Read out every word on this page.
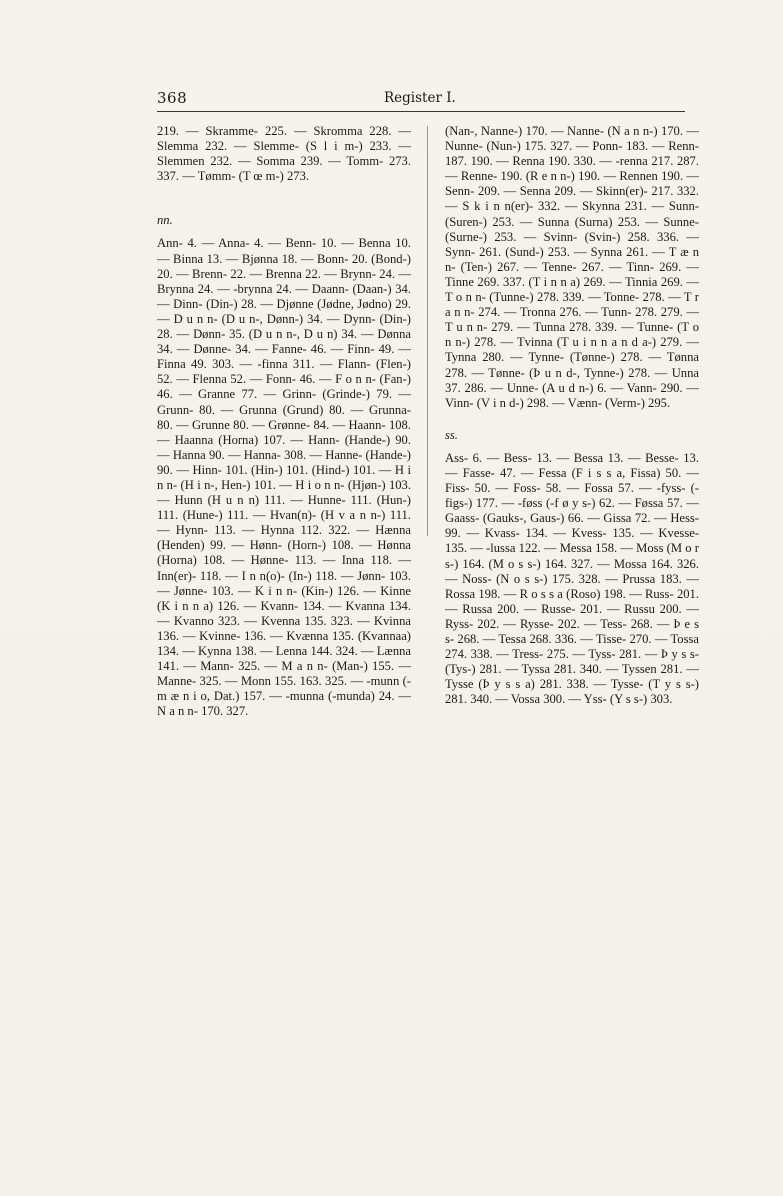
368	Register I.

219. — Skramme- 225. — Skromma 228. — Slemma 232. — Slemme- (S l i m-) 233. — Slemmen 232. — Somma 239. — Tomm- 273. 337. — Tømm- (T œ m-) 273.

nn.

Ann- 4. — Anna- 4. — Benn- 10. — Benna 10. — Binna 13. — Bjønna 18. — Bonn- 20. (Bond-) 20. — Brenn- 22. — Brenna 22. — Brynn- 24. — Brynna 24. — -brynna 24. — Daann- (Daan-) 34. — Dinn- (Din-) 28. — Djønne (Jødne, Jødno) 29. — D u n n- (D u n-, Dønn-) 34. — Dynn- (Din-) 28. — Dønn- 35. (D u n n-, D u n) 34. — Dønna 34. — Dønne- 34. — Fanne- 46. — Finn- 49. — Finna 49. 303. — -finna 311. — Flann- (Flen-) 52. — Flenna 52. — Fonn- 46. — F o n n- (Fan-) 46. — Granne 77. — Grinn- (Grinde-) 79. — Grunn- 80. — Grunna (Grund) 80. — Grunna- 80. — Grunne 80. — Grønne- 84. — Haann- 108. — Haanna (Horna) 107. — Hann- (Hande-) 90. — Hanna 90. — Hanna- 308. — Hanne- (Hande-) 90. — Hinn- 101. (Hin-) 101. (Hind-) 101. — H i n n- (H i n-, Hen-) 101. — H i o n n- (Hjøn-) 103. — Hunn (H u n n) 111. — Hunne- 111. (Hun-) 111. (Hune-) 111. — Hvan(n)- (H v a n n-) 111. — Hynn- 113. — Hynna 112. 322. — Hænna (Henden) 99. — Hønn- (Horn-) 108. — Hønna (Horna) 108. — Hønne- 113. — Inna 118. — Inn(er)- 118. — I n n(o)- (In-) 118. — Jønn- 103. — Jønne- 103. — K i n n- (Kin-) 126. — Kinne (K i n n a) 126. — Kvann- 134. — Kvanna 134. — Kvanno 323. — Kvenna 135. 323. — Kvinna 136. — Kvinne- 136. — Kvænna 135. (Kvannaa) 134. — Kynna 138. — Lenna 144. 324. — Lænna 141. — Mann- 325. — M a n n- (Man-) 155. — Manne- 325. — Monn 155. 163. 325. — -munn (-m æ n i o, Dat.) 157. — -munna (-munda) 24. — N a n n- 170. 327.

(Nan-, Nanne-) 170. — Nanne- (N a n n-) 170. — Nunne- (Nun-) 175. 327. — Ponn- 183. — Renn- 187. 190. — Renna 190. 330. — -renna 217. 287. — Renne- 190. (R e n n-) 190. — Rennen 190. — Senn- 209. — Senna 209. — Skinn(er)- 217. 332. — S k i n n(er)- 332. — Skynna 231. — Sunn- (Suren-) 253. — Sunna (Surna) 253. — Sunne- (Surne-) 253. — Svinn- (Svin-) 258. 336. — Synn- 261. (Sund-) 253. — Synna 261. — T æ n n- (Ten-) 267. — Tenne- 267. — Tinn- 269. — Tinne 269. 337. (T i n n a) 269. — Tinnia 269. — T o n n- (Tunne-) 278. 339. — Tonne- 278. — T r a n n- 274. — Tronna 276. — Tunn- 278. 279. — T u n n- 279. — Tunna 278. 339. — Tunne- (T o n n-) 278. — Tvinna (T u i n n a n d a-) 279. — Tynna 280. — Tynne- (Tønne-) 278. — Tønna 278. — Tønne- (Þ u n d-, Tynne-) 278. — Unna 37. 286. — Unne- (A u d n-) 6. — Vann- 290. — Vinn- (V i n d-) 298. — Vænn- (Verm-) 295.

ss.

Ass- 6. — Bess- 13. — Bessa 13. — Besse- 13. — Fasse- 47. — Fessa (F i s s a, Fissa) 50. — Fiss- 50. — Foss- 58. — Fossa 57. — -fyss- (-figs-) 177. — -føss (-f ø y s-) 62. — Føssa 57. — Gaass- (Gauks-, Gaus-) 66. — Gissa 72. — Hess- 99. — Kvass- 134. — Kvess- 135. — Kvesse- 135. — -lussa 122. — Messa 158. — Moss (M o r s-) 164. (M o s s-) 164. 327. — Mossa 164. 326. — Noss- (N o s s-) 175. 328. — Prussa 183. — Rossa 198. — R o s s a (Roso) 198. — Russ- 201. — Russa 200. — Russe- 201. — Russu 200. — Ryss- 202. — Rysse- 202. — Tess- 268. — Þ e s s- 268. — Tessa 268. 336. — Tisse- 270. — Tossa 274. 338. — Tress- 275. — Tyss- 281. — Þ y s s- (Tys-) 281. — Tyssa 281. 340. — Tyssen 281. — Tysse (Þ y s s a) 281. 338. — Tysse- (T y s s-) 281. 340. — Vossa 300. — Yss- (Y s s-) 303.
